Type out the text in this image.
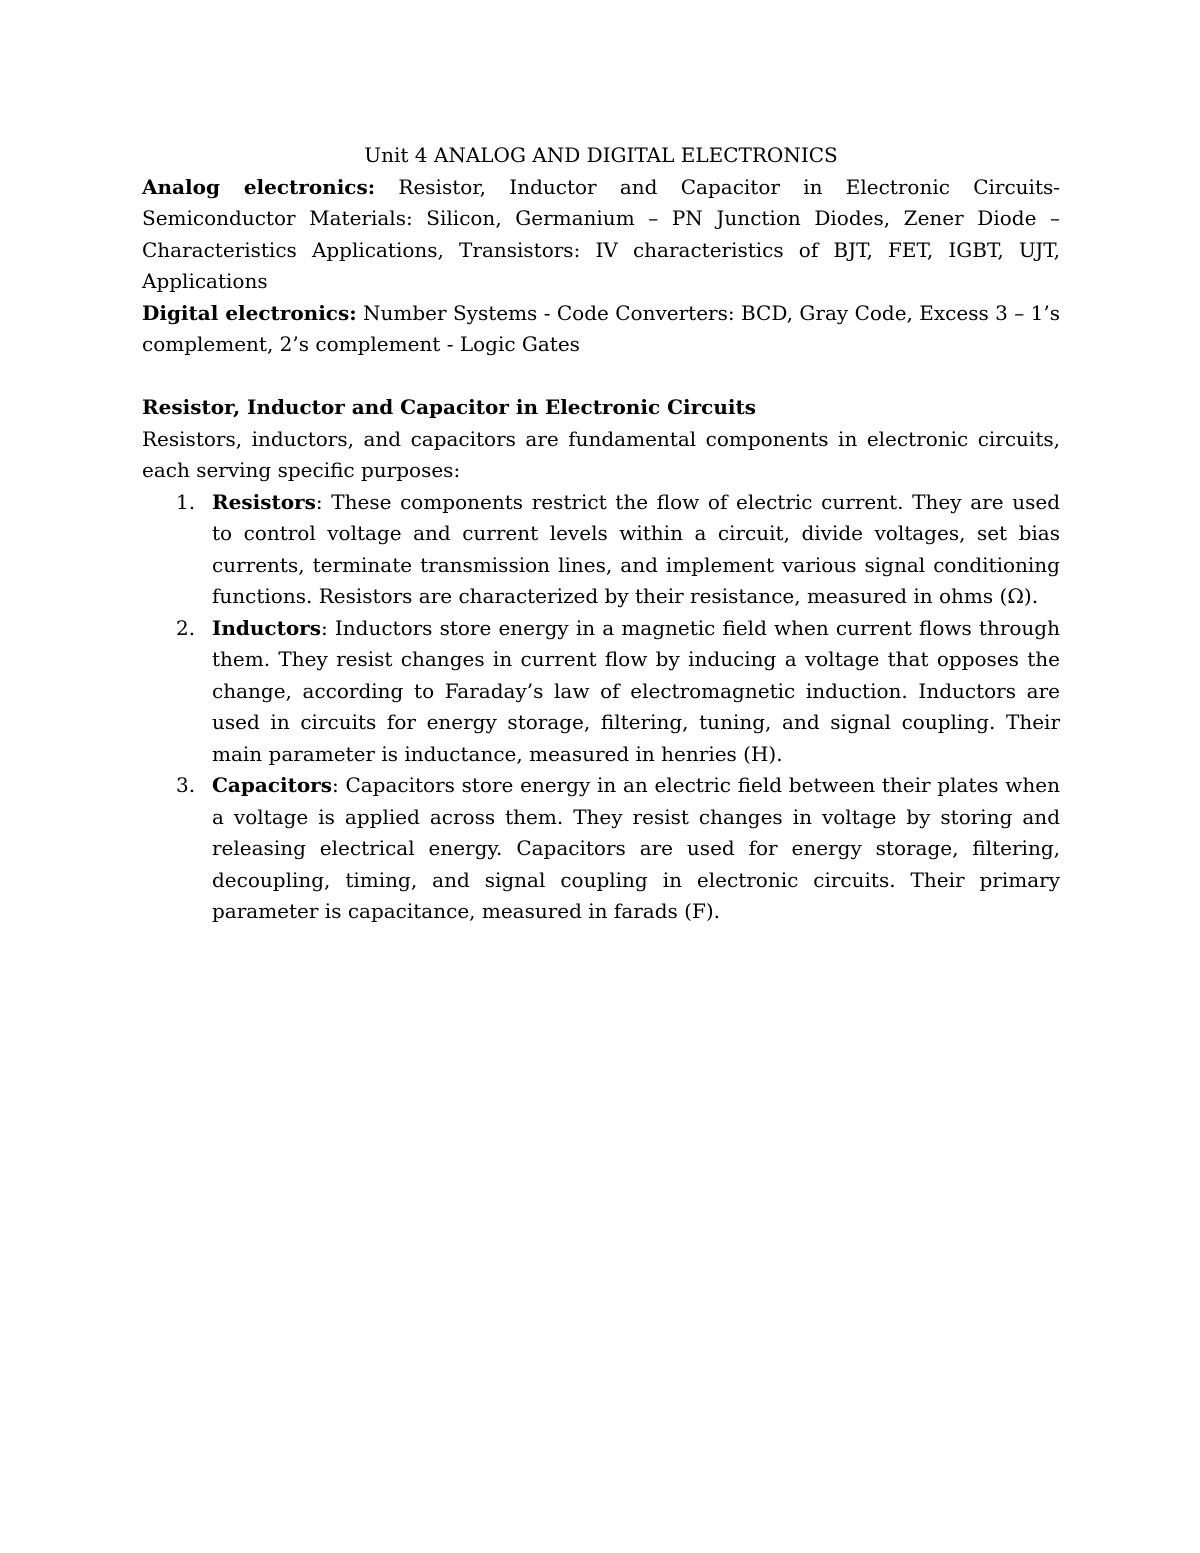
Unit 4 ANALOG AND DIGITAL ELECTRONICS

Analog electronics: Resistor, Inductor and Capacitor in Electronic Circuits- Semiconductor Materials: Silicon, Germanium – PN Junction Diodes, Zener Diode –Characteristics Applications, Transistors: IV characteristics of BJT, FET, IGBT, UJT, Applications

Digital electronics: Number Systems - Code Converters: BCD, Gray Code, Excess 3 – 1’s complement, 2’s complement - Logic Gates

Resistor, Inductor and Capacitor in Electronic Circuits

Resistors, inductors, and capacitors are fundamental components in electronic circuits, each serving specific purposes:

1. Resistors: These components restrict the flow of electric current. They are used to control voltage and current levels within a circuit, divide voltages, set bias currents, terminate transmission lines, and implement various signal conditioning functions. Resistors are characterized by their resistance, measured in ohms (Ω).
2. Inductors: Inductors store energy in a magnetic field when current flows through them. They resist changes in current flow by inducing a voltage that opposes the change, according to Faraday’s law of electromagnetic induction. Inductors are used in circuits for energy storage, filtering, tuning, and signal coupling. Their main parameter is inductance, measured in henries (H).
3. Capacitors: Capacitors store energy in an electric field between their plates when a voltage is applied across them. They resist changes in voltage by storing and releasing electrical energy. Capacitors are used for energy storage, filtering, decoupling, timing, and signal coupling in electronic circuits. Their primary parameter is capacitance, measured in farads (F).
